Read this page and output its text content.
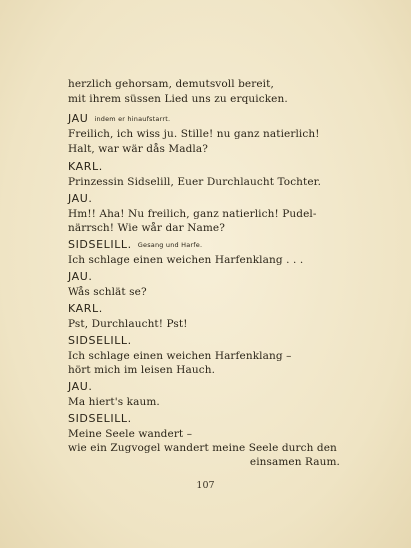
herzlich gehorsam, demutsvoll bereit,
mit ihrem süssen Lied uns zu erquicken.
JAU indem er hinaufstarrt.
Freilich, ich wiss ju. Stille! nu ganz natierlich!
Halt, war wär dås Madla?
KARL.
Prinzessin Sidselill, Euer Durchlaucht Tochter.
JAU.
Hm!! Aha! Nu freilich, ganz natierlich! Pudel-
närrsch! Wie wår dar Name?
SIDSELILL. Gesang und Harfe.
Ich schlage einen weichen Harfenklang . . .
JAU.
Wås schlät se?
KARL.
Pst, Durchlaucht! Pst!
SIDSELILL.
Ich schlage einen weichen Harfenklang –
hört mich im leisen Hauch.
JAU.
Ma hiert's kaum.
SIDSELILL.
Meine Seele wandert –
wie ein Zugvogel wandert meine Seele durch den
einsamen Raum.
107
